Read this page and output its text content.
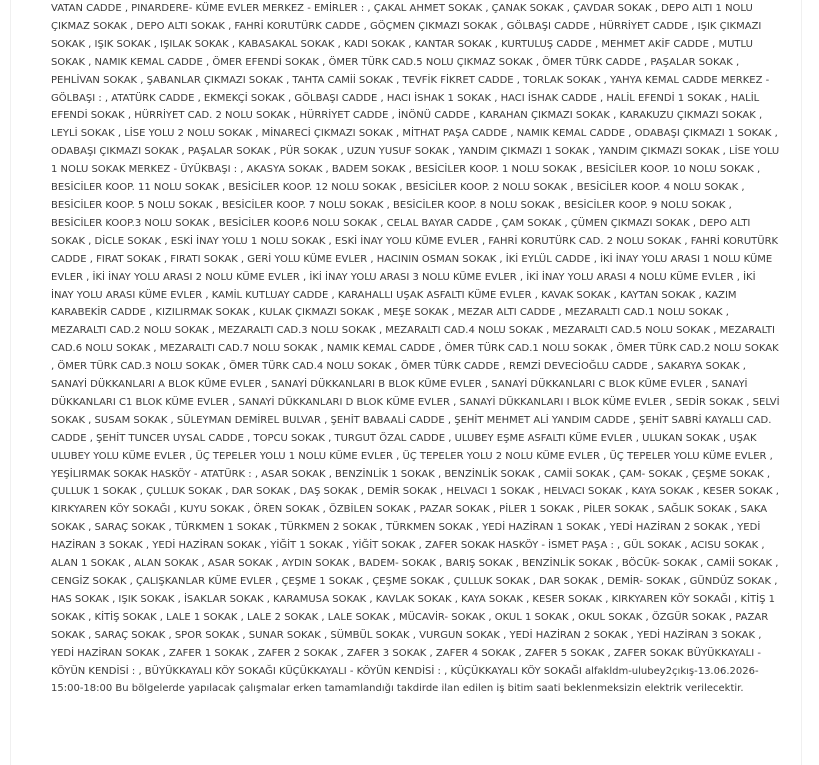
VATAN CADDE , PINARDERE- KÜME EVLER MERKEZ - EMİRLER : , ÇAKAL AHMET SOKAK , ÇANAK SOKAK , ÇAVDAR SOKAK , DEPO ALTI 1 NOLU ÇIKMAZ SOKAK , DEPO ALTI SOKAK , FAHRİ KORUTÜRK CADDE , GÖÇMEN ÇIKMAZI SOKAK , GÖLBAŞI CADDE , HÜRRİYET CADDE , IŞIK ÇIKMAZI SOKAK , IŞIK SOKAK , IŞILAK SOKAK , KABASAKAL SOKAK , KADI SOKAK , KANTAR SOKAK , KURTULUŞ CADDE , MEHMET AKİF CADDE , MUTLU SOKAK , NAMIK KEMAL CADDE , ÖMER EFENDİ SOKAK , ÖMER TÜRK CAD.5 NOLU ÇIKMAZ SOKAK , ÖMER TÜRK CADDE , PAŞALAR SOKAK , PEHLİVAN SOKAK , ŞABANLAR ÇIKMAZI SOKAK , TAHTA CAMİİ SOKAK , TEVFİK FİKRET CADDE , TORLAK SOKAK , YAHYA KEMAL CADDE MERKEZ - GÖLBAŞI : , ATATÜRK CADDE , EKMEKÇİ SOKAK , GÖLBAŞI CADDE , HACI İSHAK 1 SOKAK , HACI İSHAK CADDE , HALİL EFENDİ 1 SOKAK , HALİL EFENDİ SOKAK , HÜRRİYET CAD. 2 NOLU SOKAK , HÜRRİYET CADDE , İNÖNÜ CADDE , KARAHAN ÇIKMAZI SOKAK , KARAKUZU ÇIKMAZI SOKAK , LEYLİ SOKAK , LİSE YOLU 2 NOLU SOKAK , MİNARECİ ÇIKMAZI SOKAK , MİTHAT PAŞA CADDE , NAMIK KEMAL CADDE , ODABAŞI ÇIKMAZI 1 SOKAK , ODABAŞI ÇIKMAZI SOKAK , PAŞALAR SOKAK , PÜR SOKAK , UZUN YUSUF SOKAK , YANDIM ÇIKMAZI 1 SOKAK , YANDIM ÇIKMAZI SOKAK , LİSE YOLU 1 NOLU SOKAK MERKEZ - ÜYÜKBAŞI : , AKASYA SOKAK , BADEM SOKAK , BESİCİLER KOOP. 1 NOLU SOKAK , BESİCİLER KOOP. 10 NOLU SOKAK , BESİCİLER KOOP. 11 NOLU SOKAK , BESİCİLER KOOP. 12 NOLU SOKAK , BESİCİLER KOOP. 2 NOLU SOKAK , BESİCİLER KOOP. 4 NOLU SOKAK , BESİCİLER KOOP. 5 NOLU SOKAK , BESİCİLER KOOP. 7 NOLU SOKAK , BESİCİLER KOOP. 8 NOLU SOKAK , BESİCİLER KOOP. 9 NOLU SOKAK , BESİCİLER KOOP.3 NOLU SOKAK , BESİCİLER KOOP.6 NOLU SOKAK , CELAL BAYAR CADDE , ÇAM SOKAK , ÇÜMEN ÇIKMAZI SOKAK , DEPO ALTI SOKAK , DİCLE SOKAK , ESKİ İNAY YOLU 1 NOLU SOKAK , ESKİ İNAY YOLU KÜME EVLER , FAHRİ KORUTÜRK CAD. 2 NOLU SOKAK , FAHRİ KORUTÜRK CADDE , FIRAT SOKAK , FIRATI SOKAK , GERİ YOLU KÜME EVLER , HACININ OSMAN SOKAK , İKİ EYLÜL CADDE , İKİ İNAY YOLU ARASI 1 NOLU KÜME EVLER , İKİ İNAY YOLU ARASI 2 NOLU KÜME EVLER , İKİ İNAY YOLU ARASI 3 NOLU KÜME EVLER , İKİ İNAY YOLU ARASI 4 NOLU KÜME EVLER , İKİ İNAY YOLU ARASI KÜME EVLER , KAMİL KUTLUAY CADDE , KARAHALLI UŞAK ASFALTI KÜME EVLER , KAVAK SOKAK , KAYTAN SOKAK , KAZIM KARABEKİR CADDE , KIZILIRMAK SOKAK , KULAK ÇIKMAZI SOKAK , MEŞE SOKAK , MEZAR ALTI CADDE , MEZARALTI CAD.1 NOLU SOKAK , MEZARALTI CAD.2 NOLU SOKAK , MEZARALTI CAD.3 NOLU SOKAK , MEZARALTI CAD.4 NOLU SOKAK , MEZARALTI CAD.5 NOLU SOKAK , MEZARALTI CAD.6 NOLU SOKAK , MEZARALTI CAD.7 NOLU SOKAK , NAMIK KEMAL CADDE , ÖMER TÜRK CAD.1 NOLU SOKAK , ÖMER TÜRK CAD.2 NOLU SOKAK , ÖMER TÜRK CAD.3 NOLU SOKAK , ÖMER TÜRK CAD.4 NOLU SOKAK , ÖMER TÜRK CADDE , REMZİ DEVECİOĞLU CADDE , SAKARYA SOKAK , SANAYİ DÜKKANLARI A BLOK KÜME EVLER , SANAYİ DÜKKANLARI B BLOK KÜME EVLER , SANAYİ DÜKKANLARI C BLOK KÜME EVLER , SANAYİ DÜKKANLARI C1 BLOK KÜME EVLER , SANAYİ DÜKKANLARI D BLOK KÜME EVLER , SANAYİ DÜKKANLARI I BLOK KÜME EVLER , SEDİR SOKAK , SELVİ SOKAK , SUSAM SOKAK , SÜLEYMAN DEMİREL BULVAR , ŞEHİT BABAALİ CADDE , ŞEHİT MEHMET ALİ YANDIM CADDE , ŞEHİT SABRİ KAYALLI CAD. CADDE , ŞEHİT TUNCER UYSAL CADDE , TOPCU SOKAK , TURGUT ÖZAL CADDE , ULUBEY EŞME ASFALTI KÜME EVLER , ULUKAN SOKAK , UŞAK ULUBEY YOLU KÜME EVLER , ÜÇ TEPELER YOLU 1 NOLU KÜME EVLER , ÜÇ TEPELER YOLU 2 NOLU KÜME EVLER , ÜÇ TEPELER YOLU KÜME EVLER , YEŞİLIRMAK SOKAK HASKÖY - ATATÜRK : , ASAR SOKAK , BENZİNLİK 1 SOKAK , BENZİNLİK SOKAK , CAMİİ SOKAK , ÇAM- SOKAK , ÇEŞME SOKAK , ÇULLUK 1 SOKAK , ÇULLUK SOKAK , DAR SOKAK , DAŞ SOKAK , DEMİR SOKAK , HELVACI 1 SOKAK , HELVACI SOKAK , KAYA SOKAK , KESER SOKAK , KIRKYAREN KÖY SOKAĞI , KUYU SOKAK , ÖREN SOKAK , ÖZBİLEN SOKAK , PAZAR SOKAK , PİLER 1 SOKAK , PİLER SOKAK , SAĞLIK SOKAK , SAKA SOKAK , SARAÇ SOKAK , TÜRKMEN 1 SOKAK , TÜRKMEN 2 SOKAK , TÜRKMEN SOKAK , YEDİ HAZİRAN 1 SOKAK , YEDİ HAZİRAN 2 SOKAK , YEDİ HAZİRAN 3 SOKAK , YEDİ HAZİRAN SOKAK , YİĞİT 1 SOKAK , YİĞİT SOKAK , ZAFER SOKAK HASKÖY - İSMET PAŞA : , GÜL SOKAK , ACISU SOKAK , ALAN 1 SOKAK , ALAN SOKAK , ASAR SOKAK , AYDIN SOKAK , BADEM- SOKAK , BARIŞ SOKAK , BENZİNLİK SOKAK , BÖCÜK- SOKAK , CAMİİ SOKAK , CENGİZ SOKAK , ÇALIŞKANLAR KÜME EVLER , ÇEŞME 1 SOKAK , ÇEŞME SOKAK , ÇULLUK SOKAK , DAR SOKAK , DEMİR- SOKAK , GÜNDÜZ SOKAK , HAS SOKAK , IŞIK SOKAK , İSAKLAR SOKAK , KARAMUSA SOKAK , KAVLAK SOKAK , KAYA SOKAK , KESER SOKAK , KIRKYAREN KÖY SOKAĞI , KİTİŞ 1 SOKAK , KİTİŞ SOKAK , LALE 1 SOKAK , LALE 2 SOKAK , LALE SOKAK , MÜCAVİR- SOKAK , OKUL 1 SOKAK , OKUL SOKAK , ÖZGÜR SOKAK , PAZAR SOKAK , SARAÇ SOKAK , SPOR SOKAK , SUNAR SOKAK , SÜMBÜL SOKAK , VURGUN SOKAK , YEDİ HAZİRAN 2 SOKAK , YEDİ HAZİRAN 3 SOKAK , YEDİ HAZİRAN SOKAK , ZAFER 1 SOKAK , ZAFER 2 SOKAK , ZAFER 3 SOKAK , ZAFER 4 SOKAK , ZAFER 5 SOKAK , ZAFER SOKAK BÜYÜKKAYALI - KÖYÜN KENDİSİ : , BÜYÜKKAYALI KÖY SOKAĞI KÜÇÜKKAYALI - KÖYÜN KENDİSİ : , KÜÇÜKKAYALI KÖY SOKAĞI alfakldm-ulubey2çıkış-13.06.2026-15:00-18:00 Bu bölgelerde yapılacak çalışmalar erken tamamlandığı takdirde ilan edilen iş bitim saati beklenmeksizin elektrik verilecektir.
